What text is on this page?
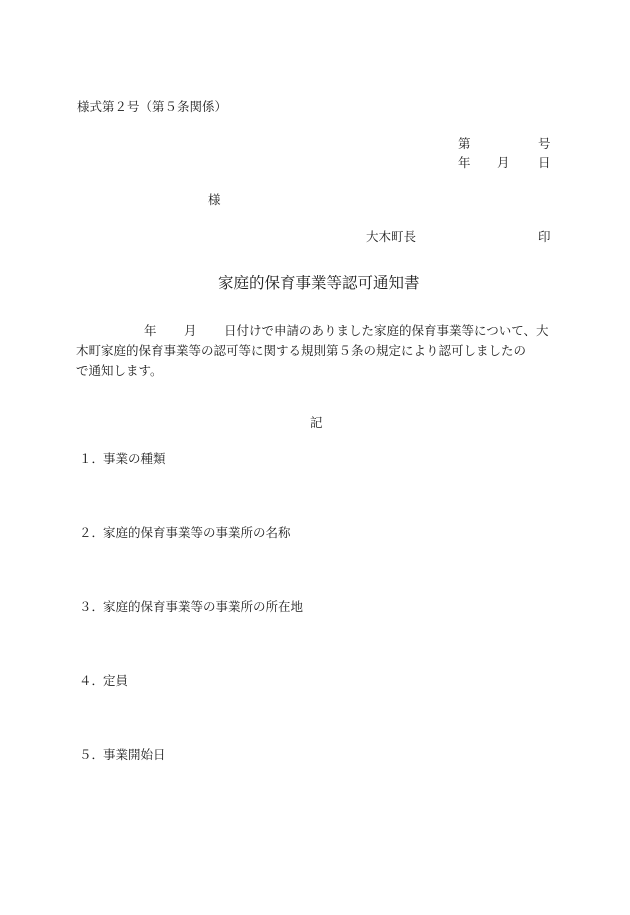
様式第２号（第５条関係）
第	号
年 月 日
様
大木町長	印
家庭的保育事業等認可通知書
年 月 日付けで申請のありました家庭的保育事業等について、大
木町家庭的保育事業等の認可等に関する規則第５条の規定により認可しましたの
で通知します。
記
１．
事業の種類
２．
家庭的保育事業等の事業所の名称
３．
家庭的保育事業等の事業所の所在地
４．
定員
５．
事業開始日
